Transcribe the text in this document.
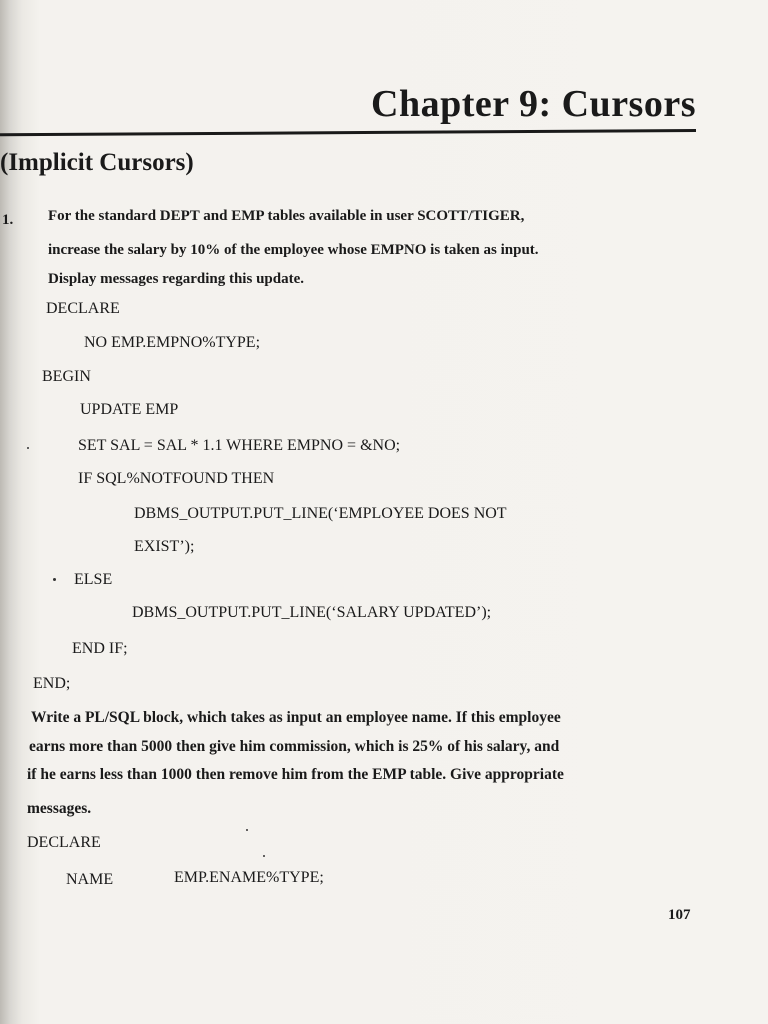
Chapter 9: Cursors
(Implicit Cursors)
1. For the standard DEPT and EMP tables available in user SCOTT/TIGER,
increase the salary by 10% of the employee whose EMPNO is taken as input.
Display messages regarding this update.
DECLARE
NO EMP.EMPNO%TYPE;
BEGIN
UPDATE EMP
SET SAL = SAL * 1.1 WHERE EMPNO = &NO;
IF SQL%NOTFOUND THEN
DBMS_OUTPUT.PUT_LINE(‘EMPLOYEE DOES NOT
EXIST’);
ELSE
DBMS_OUTPUT.PUT_LINE(‘SALARY UPDATED’);
END IF;
END;
Write a PL/SQL block, which takes as input an employee name. If this employee
earns more than 5000 then give him commission, which is 25% of his salary, and
if he earns less than 1000 then remove him from the EMP table. Give appropriate
messages.
DECLARE
NAME	EMP.ENAME%TYPE;
107
